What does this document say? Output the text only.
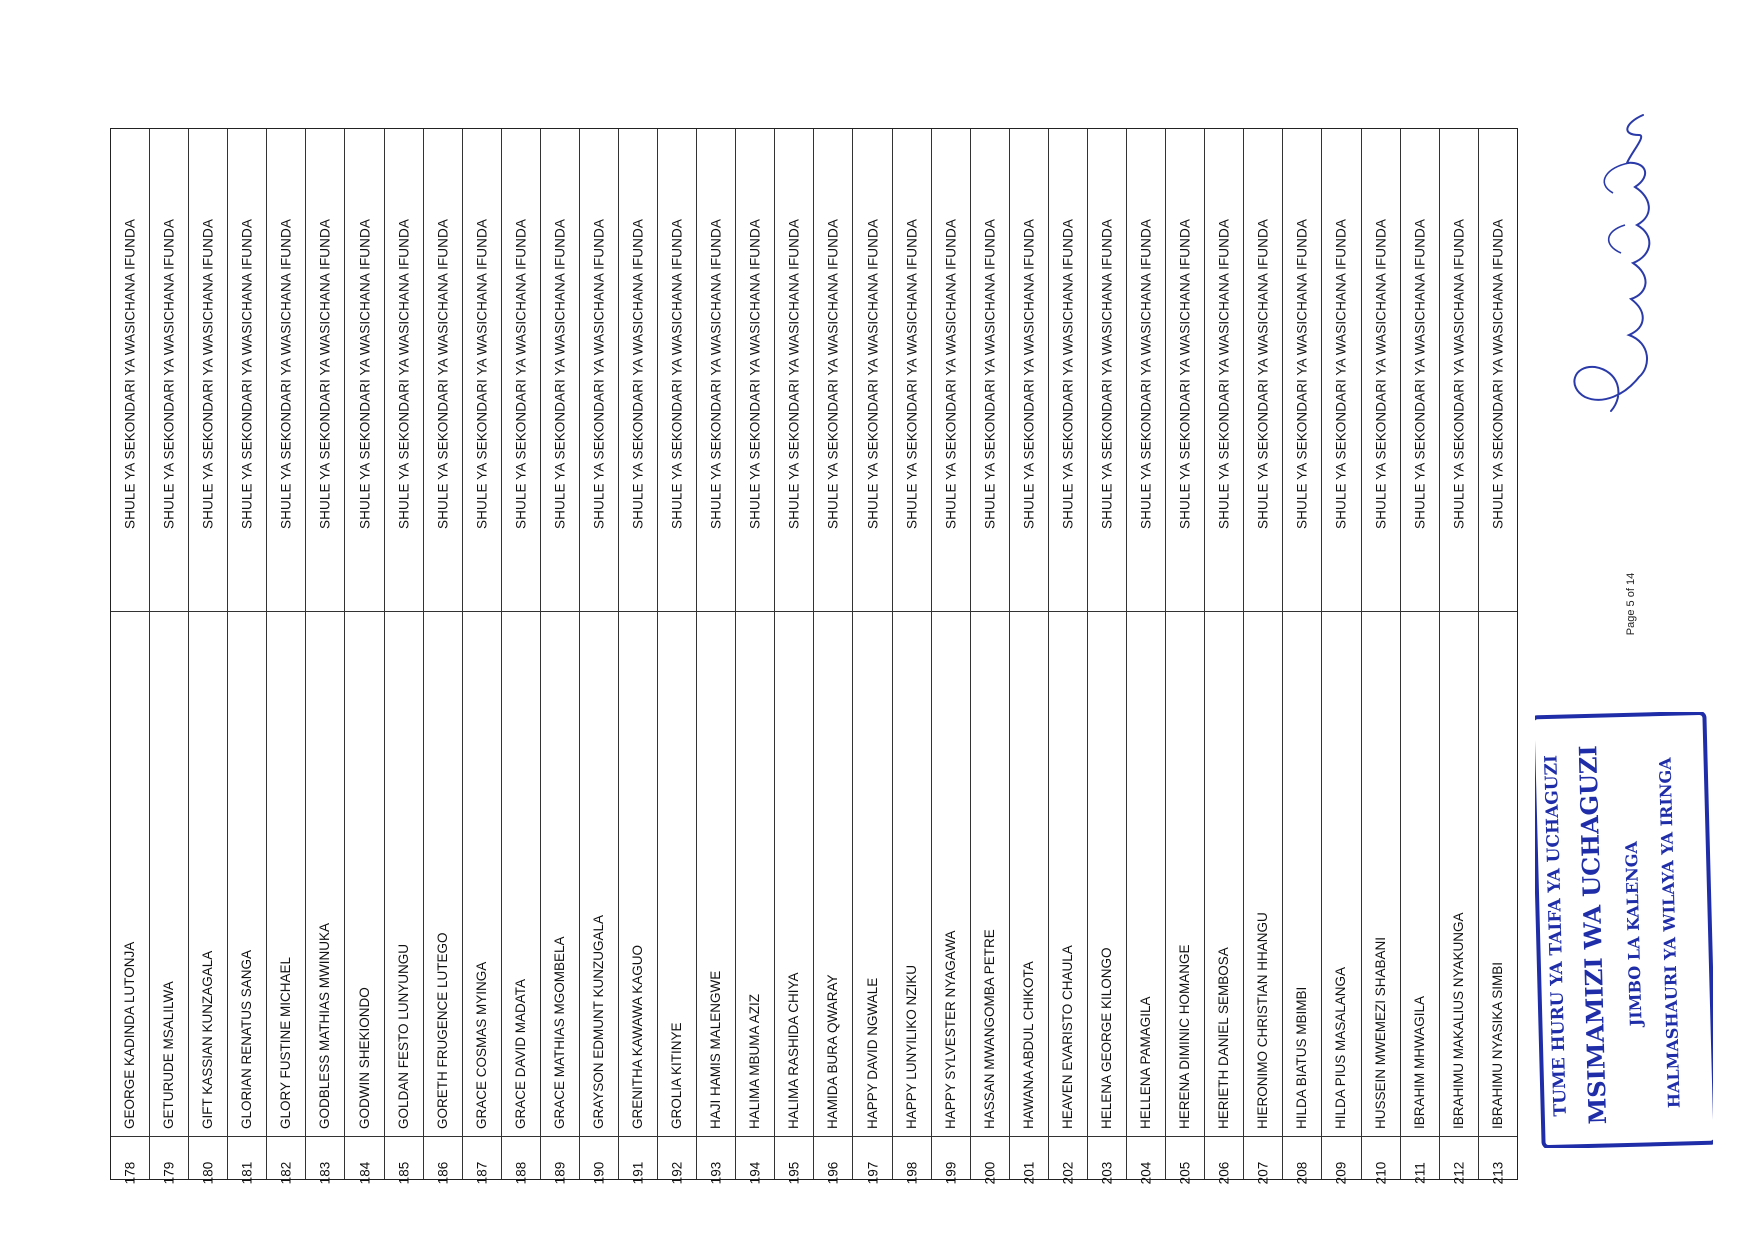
SHULE YA SEKONDARI YA WASICHANA IFUNDA
GEORGE KADINDA LUTONJA
178
SHULE YA SEKONDARI YA WASICHANA IFUNDA
GETURUDE MSALILWA
179
SHULE YA SEKONDARI YA WASICHANA IFUNDA
GIFT KASSIAN KUNZAGALA
180
SHULE YA SEKONDARI YA WASICHANA IFUNDA
GLORIAN RENATUS SANGA
181
SHULE YA SEKONDARI YA WASICHANA IFUNDA
GLORY FUSTINE MICHAEL
182
SHULE YA SEKONDARI YA WASICHANA IFUNDA
GODBLESS MATHIAS MWINUKA
183
SHULE YA SEKONDARI YA WASICHANA IFUNDA
GODWIN SHEKIONDO
184
SHULE YA SEKONDARI YA WASICHANA IFUNDA
GOLDAN FESTO LUNYUNGU
185
SHULE YA SEKONDARI YA WASICHANA IFUNDA
GORETH FRUGENCE LUTEGO
186
SHULE YA SEKONDARI YA WASICHANA IFUNDA
GRACE COSMAS MYINGA
187
SHULE YA SEKONDARI YA WASICHANA IFUNDA
GRACE DAVID MADATA
188
SHULE YA SEKONDARI YA WASICHANA IFUNDA
GRACE MATHIAS MGOMBELA
189
SHULE YA SEKONDARI YA WASICHANA IFUNDA
GRAYSON EDMUNT KUNZUGALA
190
SHULE YA SEKONDARI YA WASICHANA IFUNDA
GRENITHA KAWAWA KAGUO
191
SHULE YA SEKONDARI YA WASICHANA IFUNDA
GROLIA KITINYE
192
SHULE YA SEKONDARI YA WASICHANA IFUNDA
HAJI HAMIS MALENGWE
193
SHULE YA SEKONDARI YA WASICHANA IFUNDA
HALIMA MBUMA AZIZ
194
SHULE YA SEKONDARI YA WASICHANA IFUNDA
HALIMA RASHIDA CHIYA
195
SHULE YA SEKONDARI YA WASICHANA IFUNDA
HAMIDA BURA QWARAY
196
SHULE YA SEKONDARI YA WASICHANA IFUNDA
HAPPY DAVID NGWALE
197
SHULE YA SEKONDARI YA WASICHANA IFUNDA
HAPPY LUNYILIKO NZIKU
198
SHULE YA SEKONDARI YA WASICHANA IFUNDA
HAPPY SYLVESTER NYAGAWA
199
SHULE YA SEKONDARI YA WASICHANA IFUNDA
HASSAN MWANGOMBA PETRE
200
SHULE YA SEKONDARI YA WASICHANA IFUNDA
HAWANA ABDUL CHIKOTA
201
SHULE YA SEKONDARI YA WASICHANA IFUNDA
HEAVEN EVARISTO CHAULA
202
SHULE YA SEKONDARI YA WASICHANA IFUNDA
HELENA GEORGE KILONGO
203
SHULE YA SEKONDARI YA WASICHANA IFUNDA
HELLENA PAMAGILA
204
SHULE YA SEKONDARI YA WASICHANA IFUNDA
HERENA DIMINIC HOMANGE
205
SHULE YA SEKONDARI YA WASICHANA IFUNDA
HERIETH DANIEL SEMBOSA
206
SHULE YA SEKONDARI YA WASICHANA IFUNDA
HIERONIMO CHRISTIAN HHANGU
207
SHULE YA SEKONDARI YA WASICHANA IFUNDA
HILDA BIATUS MBIMBI
208
SHULE YA SEKONDARI YA WASICHANA IFUNDA
HILDA PIUS MASALANGA
209
SHULE YA SEKONDARI YA WASICHANA IFUNDA
HUSSEIN MWEMEZI SHABANI
210
SHULE YA SEKONDARI YA WASICHANA IFUNDA
IBRAHIM MHWAGILA
211
SHULE YA SEKONDARI YA WASICHANA IFUNDA
IBRAHIMU MAKALIUS NYAKUNGA
212
SHULE YA SEKONDARI YA WASICHANA IFUNDA
IBRAHIMU NYASIKA SIMBI
213
Page 5 of 14
TUME HURU YA TAIFA YA UCHAGUZI MSIMAMIZI WA UCHAGUZI JIMBO LA KALENGA HALMASHAURI YA WILAYA YA IRINGA
